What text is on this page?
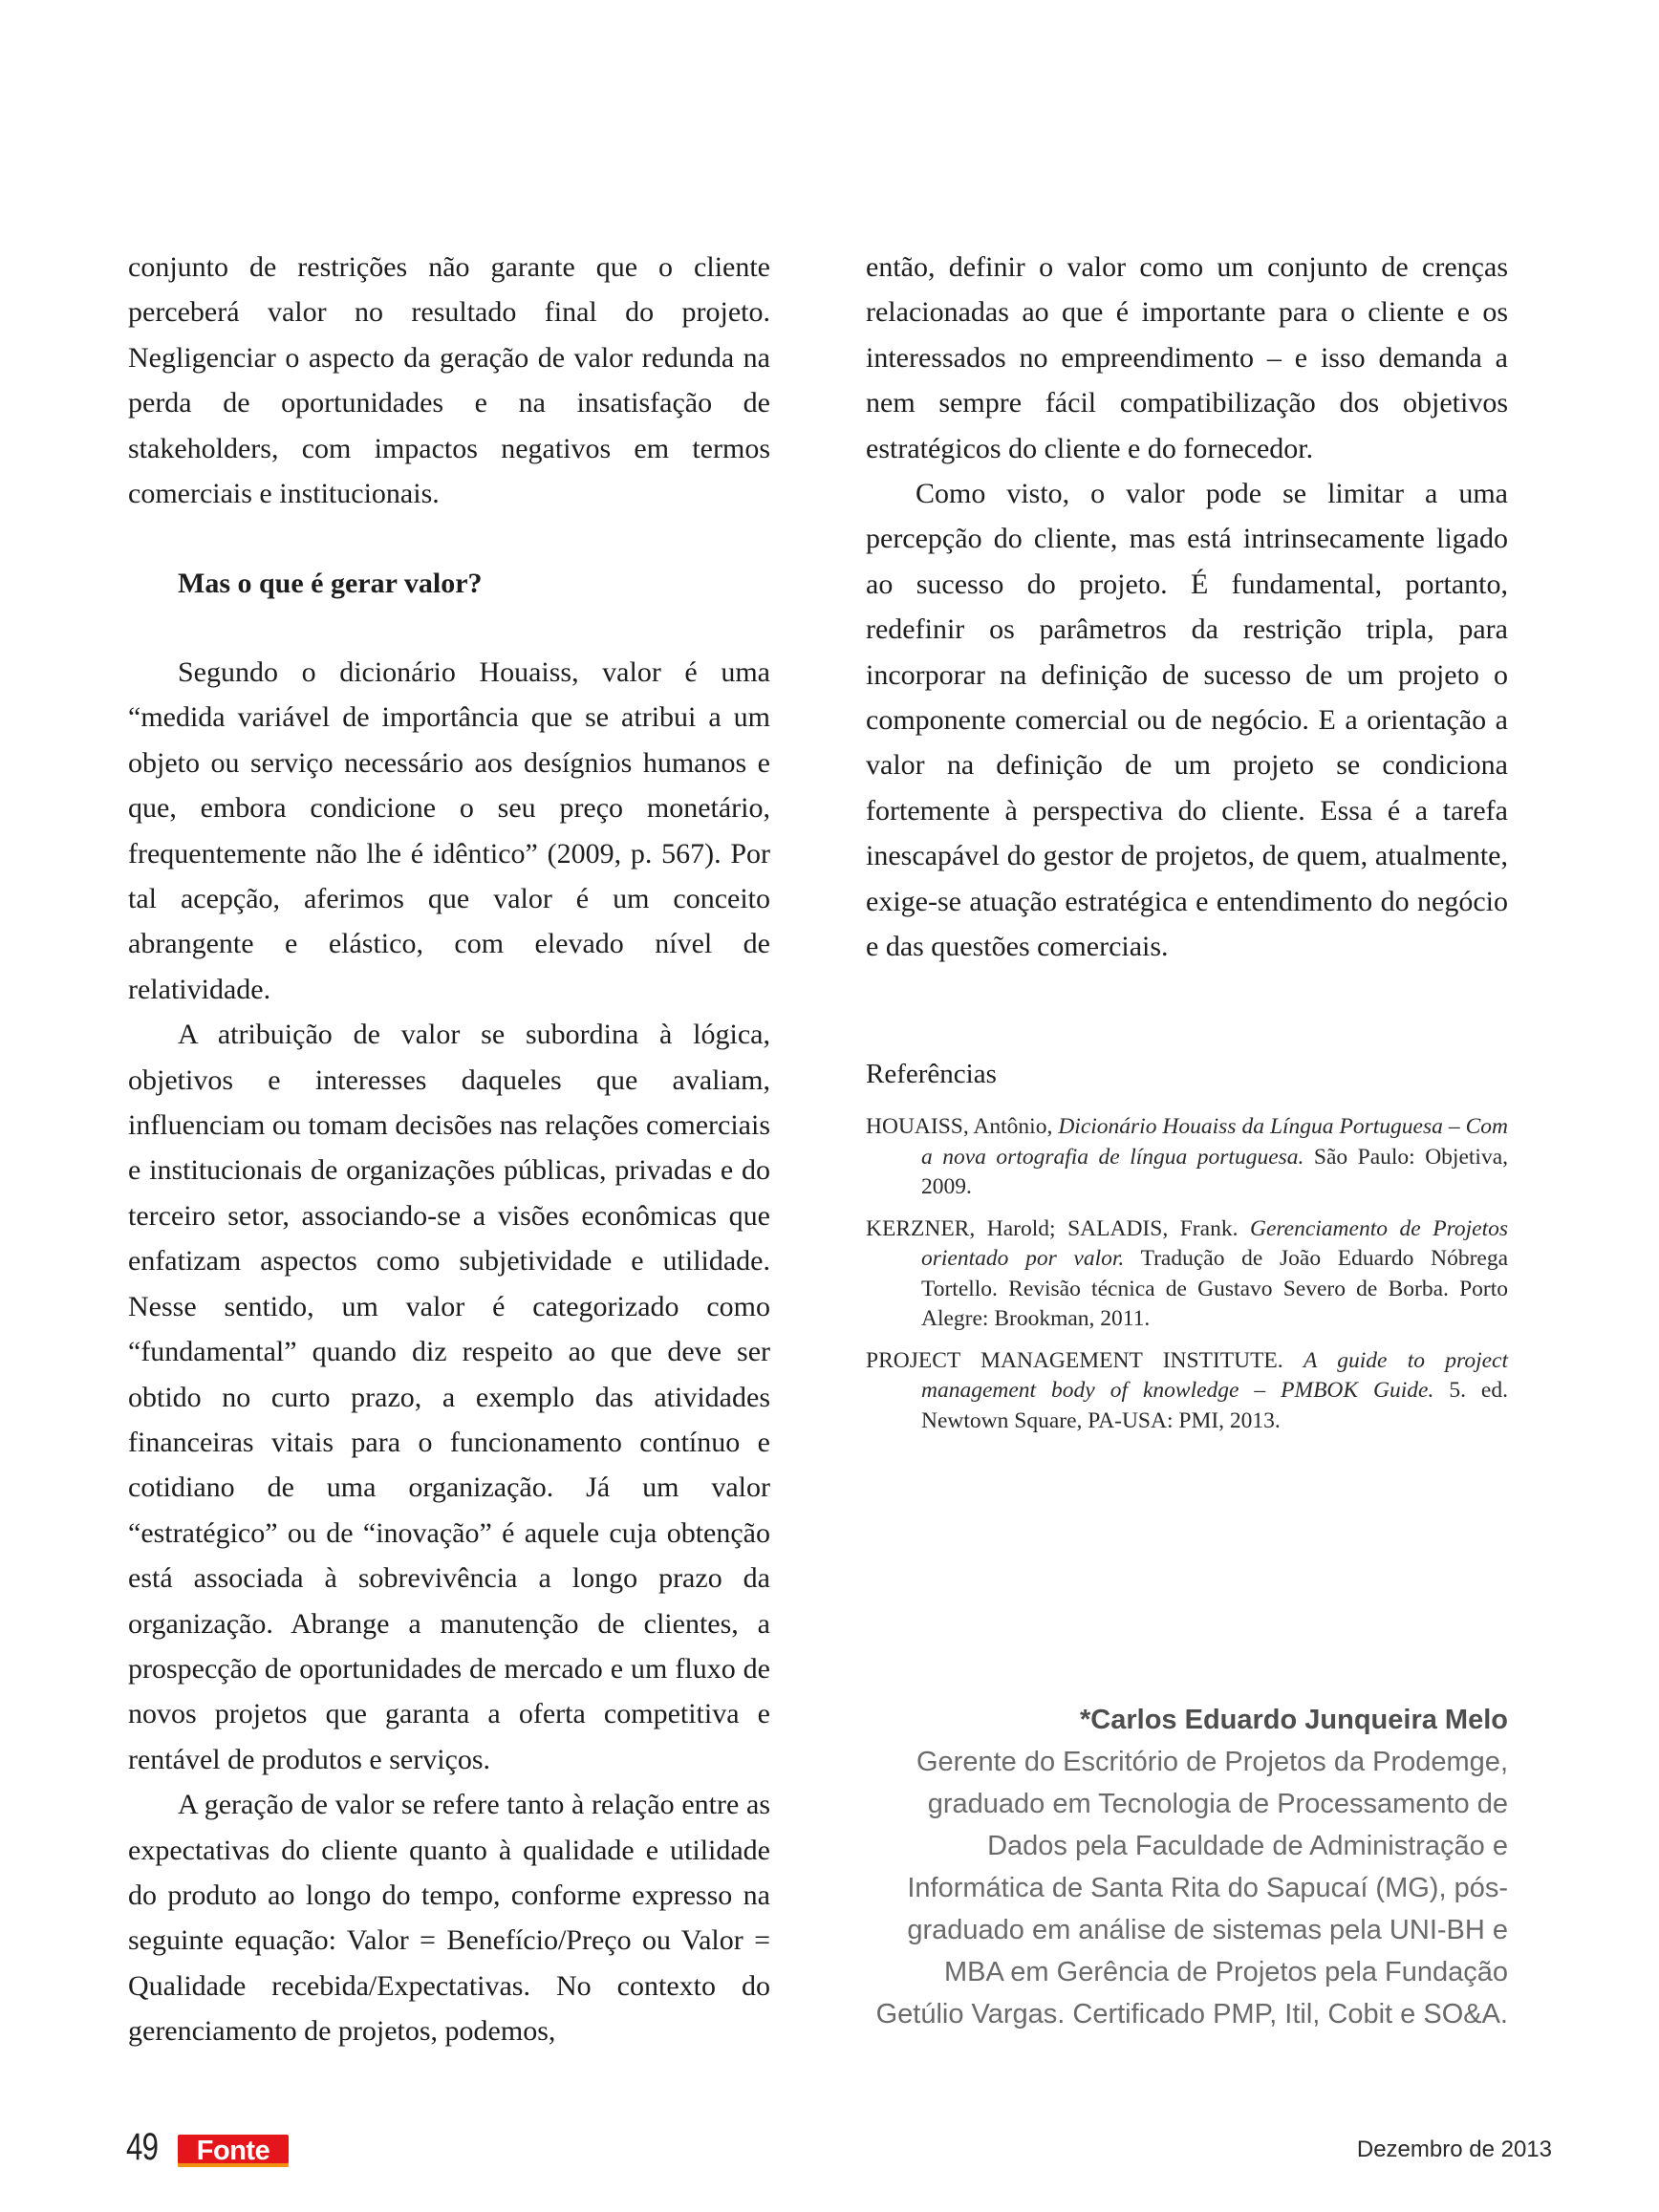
conjunto de restrições não garante que o cliente perceberá valor no resultado final do projeto. Negligenciar o aspecto da geração de valor redunda na perda de oportunidades e na insatisfação de stakeholders, com impactos negativos em termos comerciais e institucionais.

Mas o que é gerar valor?

Segundo o dicionário Houaiss, valor é uma “medida variável de importância que se atribui a um objeto ou serviço necessário aos desígnios humanos e que, embora condicione o seu preço monetário, frequentemente não lhe é idêntico” (2009, p. 567). Por tal acepção, aferimos que valor é um conceito abrangente e elástico, com elevado nível de relatividade.

A atribuição de valor se subordina à lógica, objetivos e interesses daqueles que avaliam, influenciam ou tomam decisões nas relações comerciais e institucionais de organizações públicas, privadas e do terceiro setor, associando-se a visões econômicas que enfatizam aspectos como subjetividade e utilidade. Nesse sentido, um valor é categorizado como “fundamental” quando diz respeito ao que deve ser obtido no curto prazo, a exemplo das atividades financeiras vitais para o funcionamento contínuo e cotidiano de uma organização. Já um valor “estratégico” ou de “inovação” é aquele cuja obtenção está associada à sobrevivência a longo prazo da organização. Abrange a manutenção de clientes, a prospecção de oportunidades de mercado e um fluxo de novos projetos que garanta a oferta competitiva e rentável de produtos e serviços.

A geração de valor se refere tanto à relação entre as expectativas do cliente quanto à qualidade e utilidade do produto ao longo do tempo, conforme expresso na seguinte equação: Valor = Benefício/Preço ou Valor = Qualidade recebida/Expectativas. No contexto do gerenciamento de projetos, podemos,

então, definir o valor como um conjunto de crenças relacionadas ao que é importante para o cliente e os interessados no empreendimento – e isso demanda a nem sempre fácil compatibilização dos objetivos estratégicos do cliente e do fornecedor.

Como visto, o valor pode se limitar a uma percepção do cliente, mas está intrinsecamente ligado ao sucesso do projeto. É fundamental, portanto, redefinir os parâmetros da restrição tripla, para incorporar na definição de sucesso de um projeto o componente comercial ou de negócio. E a orientação a valor na definição de um projeto se condiciona fortemente à perspectiva do cliente. Essa é a tarefa inescapável do gestor de projetos, de quem, atualmente, exige-se atuação estratégica e entendimento do negócio e das questões comerciais.

Referências

HOUAISS, Antônio, Dicionário Houaiss da Língua Portuguesa – Com a nova ortografia de língua portuguesa. São Paulo: Objetiva, 2009.

KERZNER, Harold; SALADIS, Frank. Gerenciamento de Projetos orientado por valor. Tradução de João Eduardo Nóbrega Tortello. Revisão técnica de Gustavo Severo de Borba. Porto Alegre: Brookman, 2011.

PROJECT MANAGEMENT INSTITUTE. A guide to project management body of knowledge – PMBOK Guide. 5. ed. Newtown Square, PA-USA: PMI, 2013.

*Carlos Eduardo Junqueira Melo
Gerente do Escritório de Projetos da Prodemge, graduado em Tecnologia de Processamento de Dados pela Faculdade de Administração e Informática de Santa Rita do Sapucaí (MG), pós-graduado em análise de sistemas pela UNI-BH e MBA em Gerência de Projetos pela Fundação Getúlio Vargas. Certificado PMP, Itil, Cobit e SO&A.
49 Fonte	Dezembro de 2013
